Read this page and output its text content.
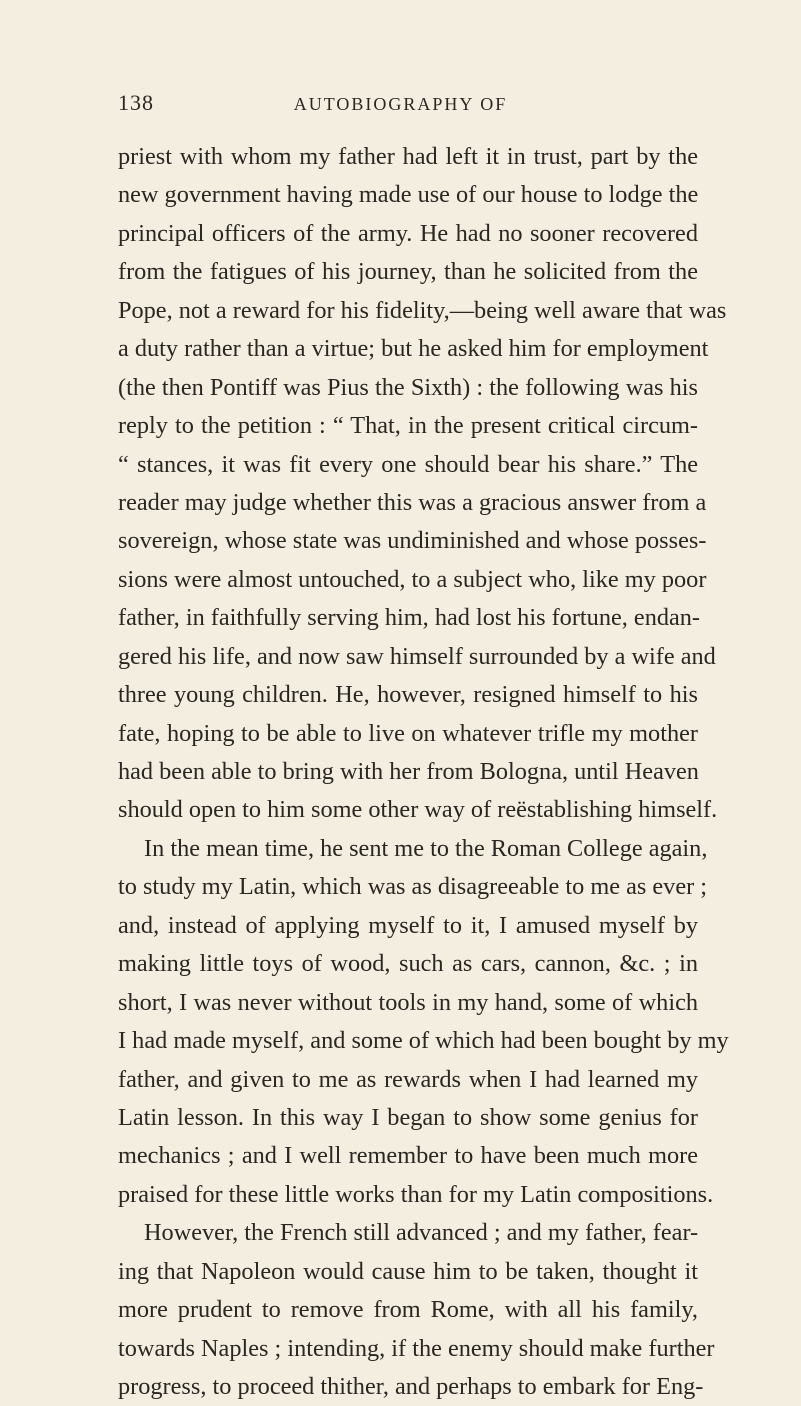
138	AUTOBIOGRAPHY OF
priest with whom my father had left it in trust, part by the
new government having made use of our house to lodge the
principal officers of the army. He had no sooner recovered
from the fatigues of his journey, than he solicited from the
Pope, not a reward for his fidelity,—being well aware that was
a duty rather than a virtue; but he asked him for employment
(the then Pontiff was Pius the Sixth) : the following was his
reply to the petition : “ That, in the present critical circum-
“ stances, it was fit every one should bear his share.” The
reader may judge whether this was a gracious answer from a
sovereign, whose state was undiminished and whose posses-
sions were almost untouched, to a subject who, like my poor
father, in faithfully serving him, had lost his fortune, endan-
gered his life, and now saw himself surrounded by a wife and
three young children. He, however, resigned himself to his
fate, hoping to be able to live on whatever trifle my mother
had been able to bring with her from Bologna, until Heaven
should open to him some other way of reëstablishing himself.
In the mean time, he sent me to the Roman College again,
to study my Latin, which was as disagreeable to me as ever ;
and, instead of applying myself to it, I amused myself by
making little toys of wood, such as cars, cannon, &c. ; in
short, I was never without tools in my hand, some of which
I had made myself, and some of which had been bought by my
father, and given to me as rewards when I had learned my
Latin lesson. In this way I began to show some genius for
mechanics ; and I well remember to have been much more
praised for these little works than for my Latin compositions.
However, the French still advanced ; and my father, fear-
ing that Napoleon would cause him to be taken, thought it
more prudent to remove from Rome, with all his family,
towards Naples ; intending, if the enemy should make further
progress, to proceed thither, and perhaps to embark for Eng-
